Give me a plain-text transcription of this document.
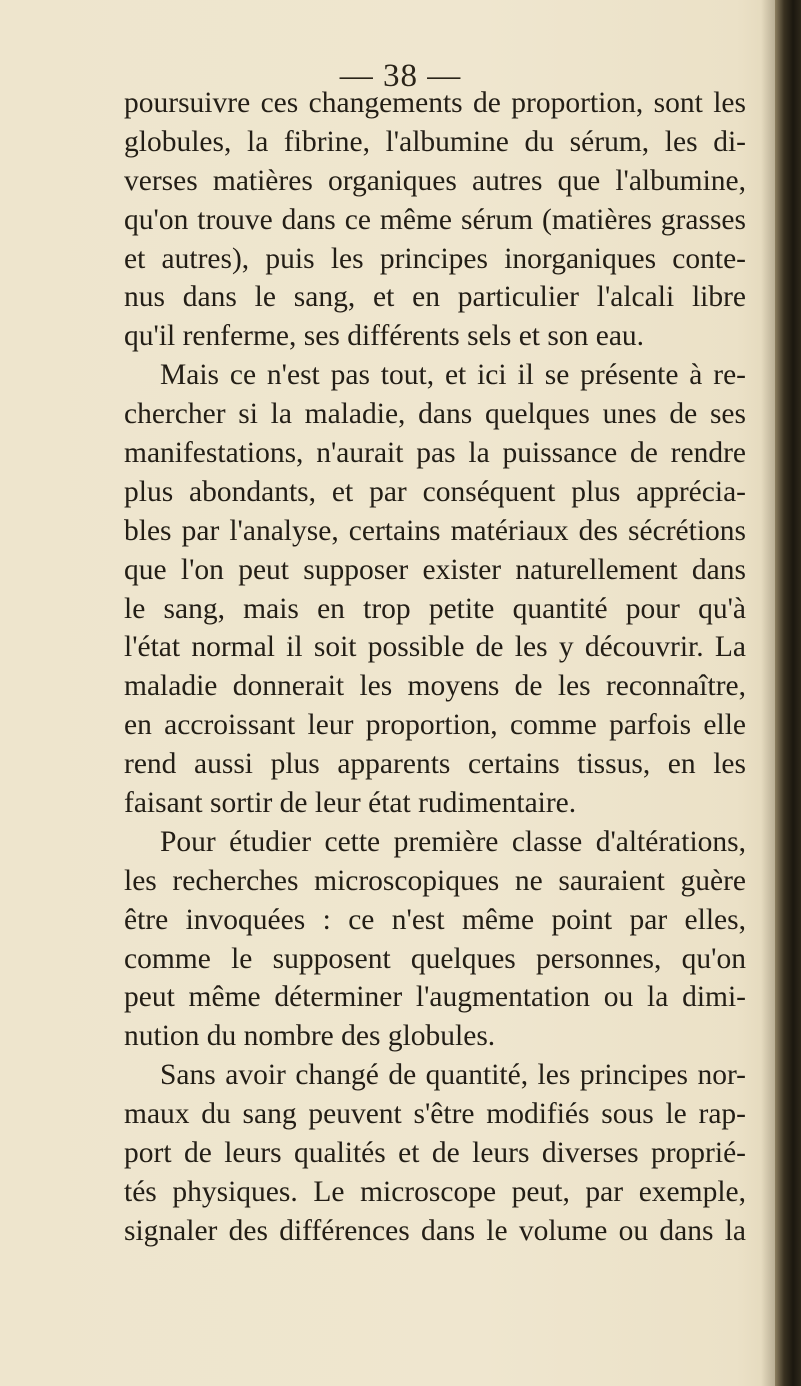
— 38 —
poursuivre ces changements de proportion, sont les
globules, la fibrine, l'albumine du sérum, les di-
verses matières organiques autres que l'albumine,
qu'on trouve dans ce même sérum (matières grasses
et autres), puis les principes inorganiques conte-
nus dans le sang, et en particulier l'alcali libre
qu'il renferme, ses différents sels et son eau.
Mais ce n'est pas tout, et ici il se présente à re-
chercher si la maladie, dans quelques unes de ses
manifestations, n'aurait pas la puissance de rendre
plus abondants, et par conséquent plus apprécia-
bles par l'analyse, certains matériaux des sécrétions
que l'on peut supposer exister naturellement dans
le sang, mais en trop petite quantité pour qu'à
l'état normal il soit possible de les y découvrir. La
maladie donnerait les moyens de les reconnaître,
en accroissant leur proportion, comme parfois elle
rend aussi plus apparents certains tissus, en les
faisant sortir de leur état rudimentaire.
Pour étudier cette première classe d'altérations,
les recherches microscopiques ne sauraient guère
être invoquées : ce n'est même point par elles,
comme le supposent quelques personnes, qu'on
peut même déterminer l'augmentation ou la dimi-
nution du nombre des globules.
Sans avoir changé de quantité, les principes nor-
maux du sang peuvent s'être modifiés sous le rap-
port de leurs qualités et de leurs diverses proprié-
tés physiques. Le microscope peut, par exemple,
signaler des différences dans le volume ou dans la
